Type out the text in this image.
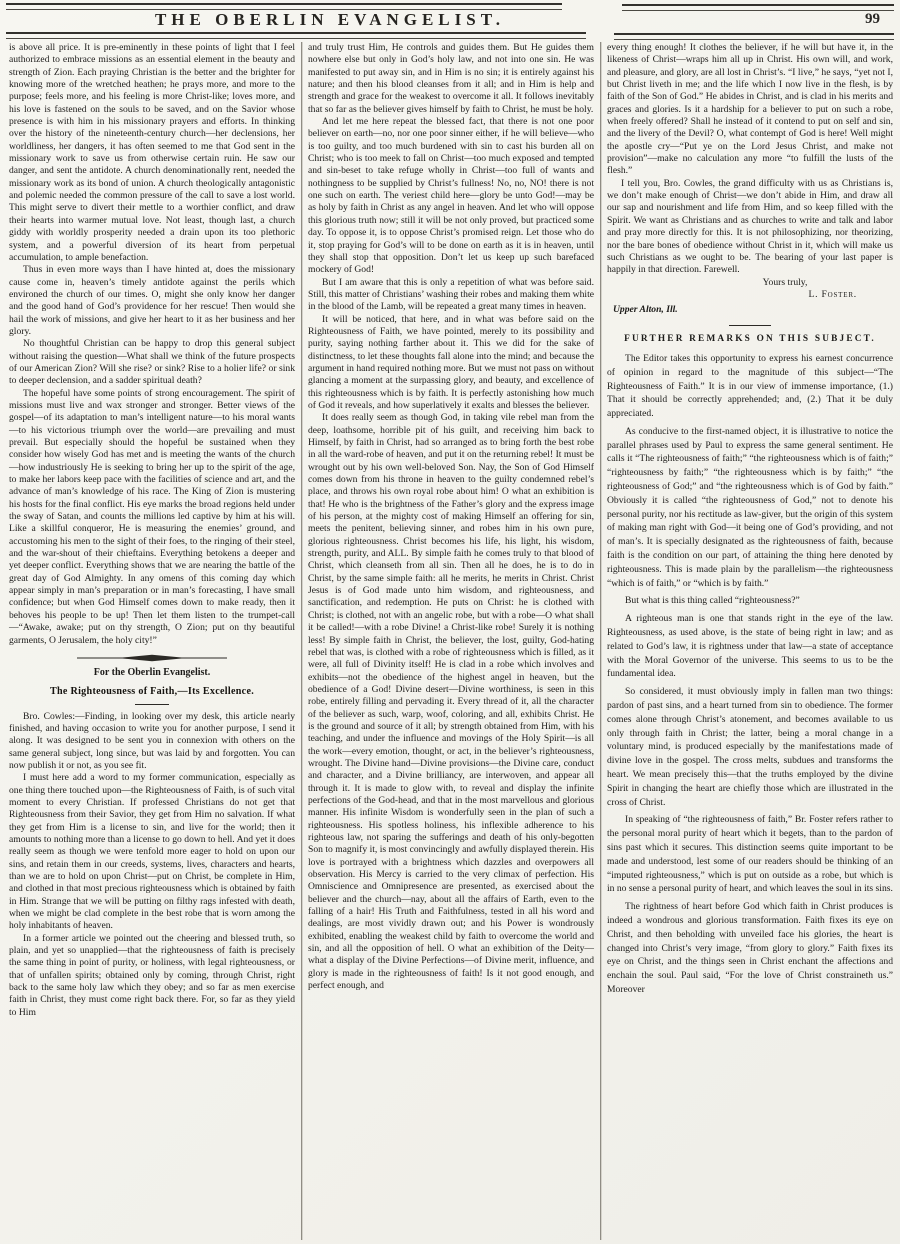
THE OBERLIN EVANGELIST.	99

is above all price. It is pre-eminently in these points of light that I feel authorized to embrace missions as an essential element in the beauty and strength of Zion. Each praying Christian is the better and the brighter for knowing more of the wretched heathen; he prays more, and more to the purpose; feels more, and his feeling is more Christ-like; loves more, and his love is fastened on the souls to be saved, and on the Savior whose presence is with him in his missionary prayers and efforts. In thinking over the history of the nineteenth-century church—her declensions, her worldliness, her dangers, it has often seemed to me that God sent in the missionary work to save us from otherwise certain ruin. He saw our danger, and sent the antidote. A church denominationally rent, needed the missionary work as its bond of union. A church theologically antagonistic and polemic needed the common pressure of the call to save a lost world. This might serve to divert their mettle to a worthier conflict, and draw their hearts into warmer mutual love. Not least, though last, a church giddy with worldly prosperity needed a drain upon its too plethoric system, and a powerful diversion of its heart from perpetual accumulation, to ample benefaction.

Thus in even more ways than I have hinted at, does the missionary cause come in, heaven’s timely antidote against the perils which environed the church of our times. O, might she only know her danger and the good hand of God’s providence for her rescue! Then would she hail the work of missions, and give her heart to it as her business and her glory.

No thoughtful Christian can be happy to drop this general subject without raising the question—What shall we think of the future prospects of our American Zion? Will she rise? or sink? Rise to a holier life? or sink to deeper declension, and a sadder spiritual death?

The hopeful have some points of strong encouragement. The spirit of missions must live and wax stronger and stronger. Better views of the gospel—of its adaptation to man’s intelligent nature—to his moral wants—to his victorious triumph over the world—are prevailing and must prevail. But especially should the hopeful be sustained when they consider how wisely God has met and is meeting the wants of the church—how industriously He is seeking to bring her up to the spirit of the age, to make her labors keep pace with the facilities of science and art, and the advance of man’s knowledge of his race. The King of Zion is mustering his hosts for the final conflict. His eye marks the broad regions held under the sway of Satan, and counts the millions led captive by him at his will. Like a skillful conqueror, He is measuring the enemies’ ground, and accustoming his men to the sight of their foes, to the ringing of their steel, and the war-shout of their chieftains. Everything betokens a deeper and yet deeper conflict. Everything shows that we are nearing the battle of the great day of God Almighty. In any omens of this coming day which appear simply in man’s preparation or in man’s forecasting, I have small confidence; but when God Himself comes down to make ready, then it behoves his people to be up! Then let them listen to the trumpet-call—“Awake, awake; put on thy strength, O Zion; put on thy beautiful garments, O Jerusalem, the holy city!”

For the Oberlin Evangelist.
The Righteousness of Faith,—Its Excellence.

Bro. Cowles:—Finding, in looking over my desk, this article nearly finished, and having occasion to write you for another purpose, I send it along. It was designed to be sent you in connexion with others on the same general subject, long since, but was laid by and forgotten. You can now publish it or not, as you see fit.

I must here add a word to my former communication, especially as one thing there touched upon—the Righteousness of Faith, is of such vital moment to every Christian. If professed Christians do not get that Righteousness from their Savior, they get from Him no salvation. If what they get from Him is a license to sin, and live for the world; then it amounts to nothing more than a license to go down to hell. And yet it does really seem as though we were tenfold more eager to hold on upon our sins, and retain them in our creeds, systems, lives, characters and hearts, than we are to hold on upon Christ—put on Christ, be complete in Him, and clothed in that most precious righteousness which is obtained by faith in Him. Strange that we will be putting on filthy rags infested with death, when we might be clad complete in the best robe that is worn among the holy inhabitants of heaven.

In a former article we pointed out the cheering and blessed truth, so plain, and yet so unapplied—that the righteousness of faith is precisely the same thing in point of purity, or holiness, with legal righteousness, or that of unfallen spirits; obtained only by coming, through Christ, right back to the same holy law which they obey; and so far as men exercise faith in Christ, they must come right back there. For, so far as they yield to Him

and truly trust Him, He controls and guides them. But He guides them nowhere else but only in God’s holy law, and not into one sin. He was manifested to put away sin, and in Him is no sin; it is entirely against his nature; and then his blood cleanses from it all; and in Him is help and strength and grace for the weakest to overcome it all. It follows inevitably that so far as the believer gives himself by faith to Christ, he must be holy.

And let me here repeat the blessed fact, that there is not one poor believer on earth—no, nor one poor sinner either, if he will believe—who is too guilty, and too much burdened with sin to cast his burden all on Christ; who is too meek to fall on Christ—too much exposed and tempted and sin-beset to take refuge wholly in Christ—too full of wants and nothingness to be supplied by Christ’s fullness! No, no, NO! there is not one such on earth. The veriest child here—glory be unto God!—may be as holy by faith in Christ as any angel in heaven. And let who will oppose this glorious truth now; still it will be not only proved, but practiced some day. To oppose it, is to oppose Christ’s promised reign. Let those who do it, stop praying for God’s will to be done on earth as it is in heaven, until they shall stop that opposition. Don’t let us keep up such barefaced mockery of God!

But I am aware that this is only a repetition of what was before said. Still, this matter of Christians’ washing their robes and making them white in the blood of the Lamb, will be repeated a great many times in heaven.

It will be noticed, that here, and in what was before said on the Righteousness of Faith, we have pointed, merely to its possibility and purity, saying nothing farther about it. This we did for the sake of distinctness, to let these thoughts fall alone into the mind; and because the argument in hand required nothing more. But we must not pass on without glancing a moment at the surpassing glory, and beauty, and excellence of this righteousness which is by faith. It is perfectly astonishing how much of God it reveals, and how superlatively it exalts and blesses the believer.

It does really seem as though God, in taking vile rebel man from the deep, loathsome, horrible pit of his guilt, and receiving him back to Himself, by faith in Christ, had so arranged as to bring forth the best robe in all the ward-robe of heaven, and put it on the returning rebel! It must be wrought out by his own well-beloved Son. Nay, the Son of God Himself comes down from his throne in heaven to the guilty condemned rebel’s place, and throws his own royal robe about him! O what an exhibition is that! He who is the brightness of the Father’s glory and the express image of his person, at the mighty cost of making Himself an offering for sin, meets the penitent, believing sinner, and robes him in his own pure, glorious righteousness. Christ becomes his life, his light, his wisdom, strength, purity, and ALL. By simple faith he comes truly to that blood of Christ, which cleanseth from all sin. Then all he does, he is to do in Christ, by the same simple faith: all he merits, he merits in Christ. Christ Jesus is of God made unto him wisdom, and righteousness, and sanctification, and redemption. He puts on Christ: he is clothed with Christ; is clothed, not with an angelic robe, but with a robe—O what shall it be called!—with a robe Divine! a Christ-like robe! Surely it is nothing less! By simple faith in Christ, the believer, the lost, guilty, God-hating rebel that was, is clothed with a robe of righteousness which is filled, as it were, all full of Divinity itself! He is clad in a robe which involves and exhibits—not the obedience of the highest angel in heaven, but the obedience of a God! Divine desert—Divine worthiness, is seen in this robe, entirely filling and pervading it. Every thread of it, all the character of the believer as such, warp, woof, coloring, and all, exhibits Christ. He is the ground and source of it all; by strength obtained from Him, with his teaching, and under the influence and movings of the Holy Spirit—is all the work—every emotion, thought, or act, in the believer’s righteousness, wrought. The Divine hand—Divine provisions—the Divine care, conduct and character, and a Divine brilliancy, are interwoven, and appear all through it. It is made to glow with, to reveal and display the infinite perfections of the God-head, and that in the most marvellous and glorious manner. His infinite Wisdom is wonderfully seen in the plan of such a righteousness. His spotless holiness, his inflexible adherence to his righteous law, not sparing the sufferings and death of his only-begotten Son to magnify it, is most convincingly and awfully displayed therein. His love is portrayed with a brightness which dazzles and overpowers all observation. His Mercy is carried to the very climax of perfection. His Omniscience and Omnipresence are presented, as exercised about the believer and the church—nay, about all the affairs of Earth, even to the falling of a hair! His Truth and Faithfulness, tested in all his word and dealings, are most vividly drawn out; and his Power is wondrously exhibited, enabling the weakest child by faith to overcome the world and sin, and all the opposition of hell. O what an exhibition of the Deity—what a display of the Divine Perfections—of Divine merit, influence, and glory is made in the righteousness of faith! Is it not good enough, and perfect enough, and

every thing enough! It clothes the believer, if he will but have it, in the likeness of Christ—wraps him all up in Christ. His own will, and work, and pleasure, and glory, are all lost in Christ’s. “I live,” he says, “yet not I, but Christ liveth in me; and the life which I now live in the flesh, is by faith of the Son of God.” He abides in Christ, and is clad in his merits and graces and glories. Is it a hardship for a believer to put on such a robe, when freely offered? Shall he instead of it contend to put on self and sin, and the livery of the Devil? O, what contempt of God is here! Well might the apostle cry—“Put ye on the Lord Jesus Christ, and make not provision”—make no calculation any more “to fulfill the lusts of the flesh.”

I tell you, Bro. Cowles, the grand difficulty with us as Christians is, we don’t make enough of Christ—we don’t abide in Him, and draw all our sap and nourishment and life from Him, and so keep filled with the Spirit. We want as Christians and as churches to write and talk and labor and pray more directly for this. It is not philosophizing, nor theorizing, nor the bare bones of obedience without Christ in it, which will make us such Christians as we ought to be. The bearing of your last paper is happily in that direction. Farewell.

Yours truly,

L. Foster.

Upper Alton, Ill.

FURTHER REMARKS ON THIS SUBJECT.

The Editor takes this opportunity to express his earnest concurrence of opinion in regard to the magnitude of this subject—“The Righteousness of Faith.” It is in our view of immense importance, (1.) That it should be correctly apprehended; and, (2.) That it be duly appreciated.

As conducive to the first-named object, it is illustrative to notice the parallel phrases used by Paul to express the same general sentiment. He calls it “The righteousness of faith;” “the righteousness which is of faith;” “righteousness by faith;” “the righteousness which is by faith;” “the righteousness of God;” and “the righteousness which is of God by faith.” Obviously it is called “the righteousness of God,” not to denote his personal purity, nor his rectitude as law-giver, but the origin of this system of making man right with God—it being one of God’s providing, and not of man’s. It is specially designated as the righteousness of faith, because faith is the condition on our part, of attaining the thing here denoted by righteousness. This is made plain by the parallelism—the righteousness “which is of faith,” or “which is by faith.”

But what is this thing called “righteousness?”

A righteous man is one that stands right in the eye of the law. Righteousness, as used above, is the state of being right in law; and as related to God’s law, it is rightness under that law—a state of acceptance with the Moral Governor of the universe. This seems to us to be the fundamental idea.

So considered, it must obviously imply in fallen man two things: pardon of past sins, and a heart turned from sin to obedience. The former comes alone through Christ’s atonement, and becomes available to us only through faith in Christ; the latter, being a moral change in a voluntary mind, is produced especially by the manifestations made of divine love in the gospel. The cross melts, subdues and transforms the heart. We mean precisely this—that the truths employed by the divine Spirit in changing the heart are chiefly those which are illustrated in the cross of Christ.

In speaking of “the righteousness of faith,” Br. Foster refers rather to the personal moral purity of heart which it begets, than to the pardon of sins past which it secures. This distinction seems quite important to be made and understood, lest some of our readers should be thinking of an “imputed righteousness,” which is put on outside as a robe, but which is in no sense a personal purity of heart, and which leaves the soul in its sins.

The rightness of heart before God which faith in Christ produces is indeed a wondrous and glorious transformation. Faith fixes its eye on Christ, and then beholding with unveiled face his glories, the heart is changed into Christ’s very image, “from glory to glory.” Faith fixes its eye on Christ, and the things seen in Christ enchant the affections and enchain the soul. Paul said, “For the love of Christ constraineth us.” Moreover
